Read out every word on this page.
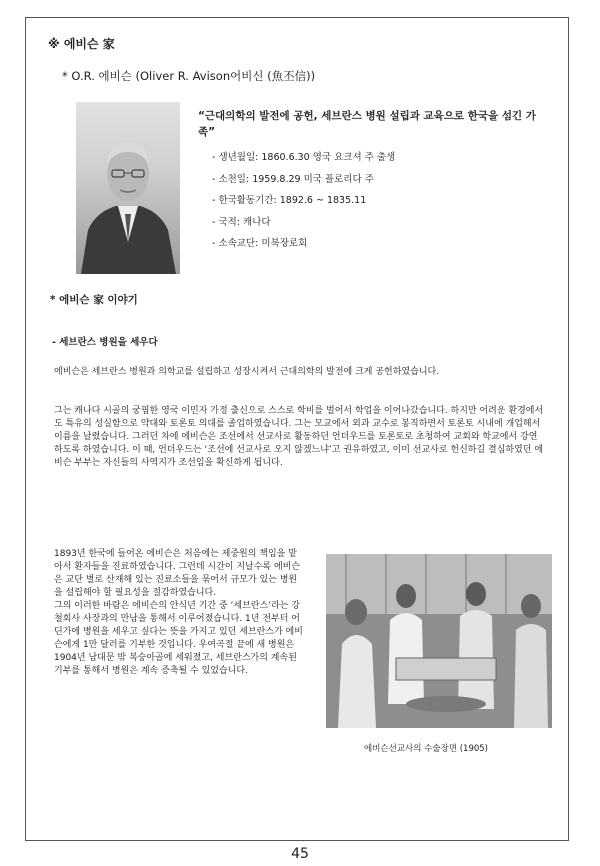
※ 에비슨 家
* O.R. 에비슨 (Oliver R. Avison어비신 (魚丕信))
“근대의학의 발전에 공헌, 세브란스 병원 설립과 교육으로 한국을 섬긴 가족”
- 생년월일: 1860.6.30 영국 요크셔 주 출생
- 소천일: 1959.8.29 미국 플로리다 주
- 한국활동기간: 1892.6 ~ 1835.11
- 국적: 캐나다
- 소속교단: 미북장로회
* 에비슨 家 이야기
- 세브란스 병원을 세우다

에비슨은 세브란스 병원과 의학교를 설립하고 성장시켜서 근대의학의 발전에 크게 공헌하였습니다.

그는 캐나다 시골의 궁핍한 영국 이민자 가정 출신으로 스스로 학비를 벌어서 학업을 이어나갔습니다. 하지만 어려운 환경에서도 특유의 성실함으로 약대와 토론토 의대를 졸업하였습니다. 그는 모교에서 외과 교수로 봉직하면서 토론토 시내에 개업해서 이름을 날렸습니다. 그러던 차에 에비슨은 조선에서 선교사로 활동하던 언더우드를 토론토로 초청하여 교회와 학교에서 강연하도록 하였습니다. 이 때, 언더우드는 ‘조선에 선교사로 오지 않겠느냐’고 권유하였고, 이미 선교사로 헌신하길 결심하였던 에비슨 부부는 자신들의 사역지가 조선임을 확신하게 됩니다.

1893년 한국에 들어온 에비슨은 처음에는 제중원의 책임을 맡아서 환자들을 진료하였습니다. 그런데 시간이 지날수록 에비슨은 교단 별로 산재해 있는 진료소들을 묶어서 규모가 있는 병원을 설립해야 할 필요성을 절감하였습니다.

그의 이러한 바람은 에비슨의 안식년 기간 중 ‘세브란스’라는 강철회사 사장과의 만남을 통해서 이루어졌습니다. 1년 전부터 어딘가에 병원을 세우고 싶다는 뜻을 가지고 있던 세브란스가 에비슨에게 1만 달러를 기부한 것입니다. 우여곡절 끝에 새 병원은 1904년 남대문 밖 복숭아골에 세워졌고, 세브란스가의 계속된 기부를 통해서 병원은 계속 증축될 수 있었습니다.

에비슨선교사의 수술장면 (1905)
45
